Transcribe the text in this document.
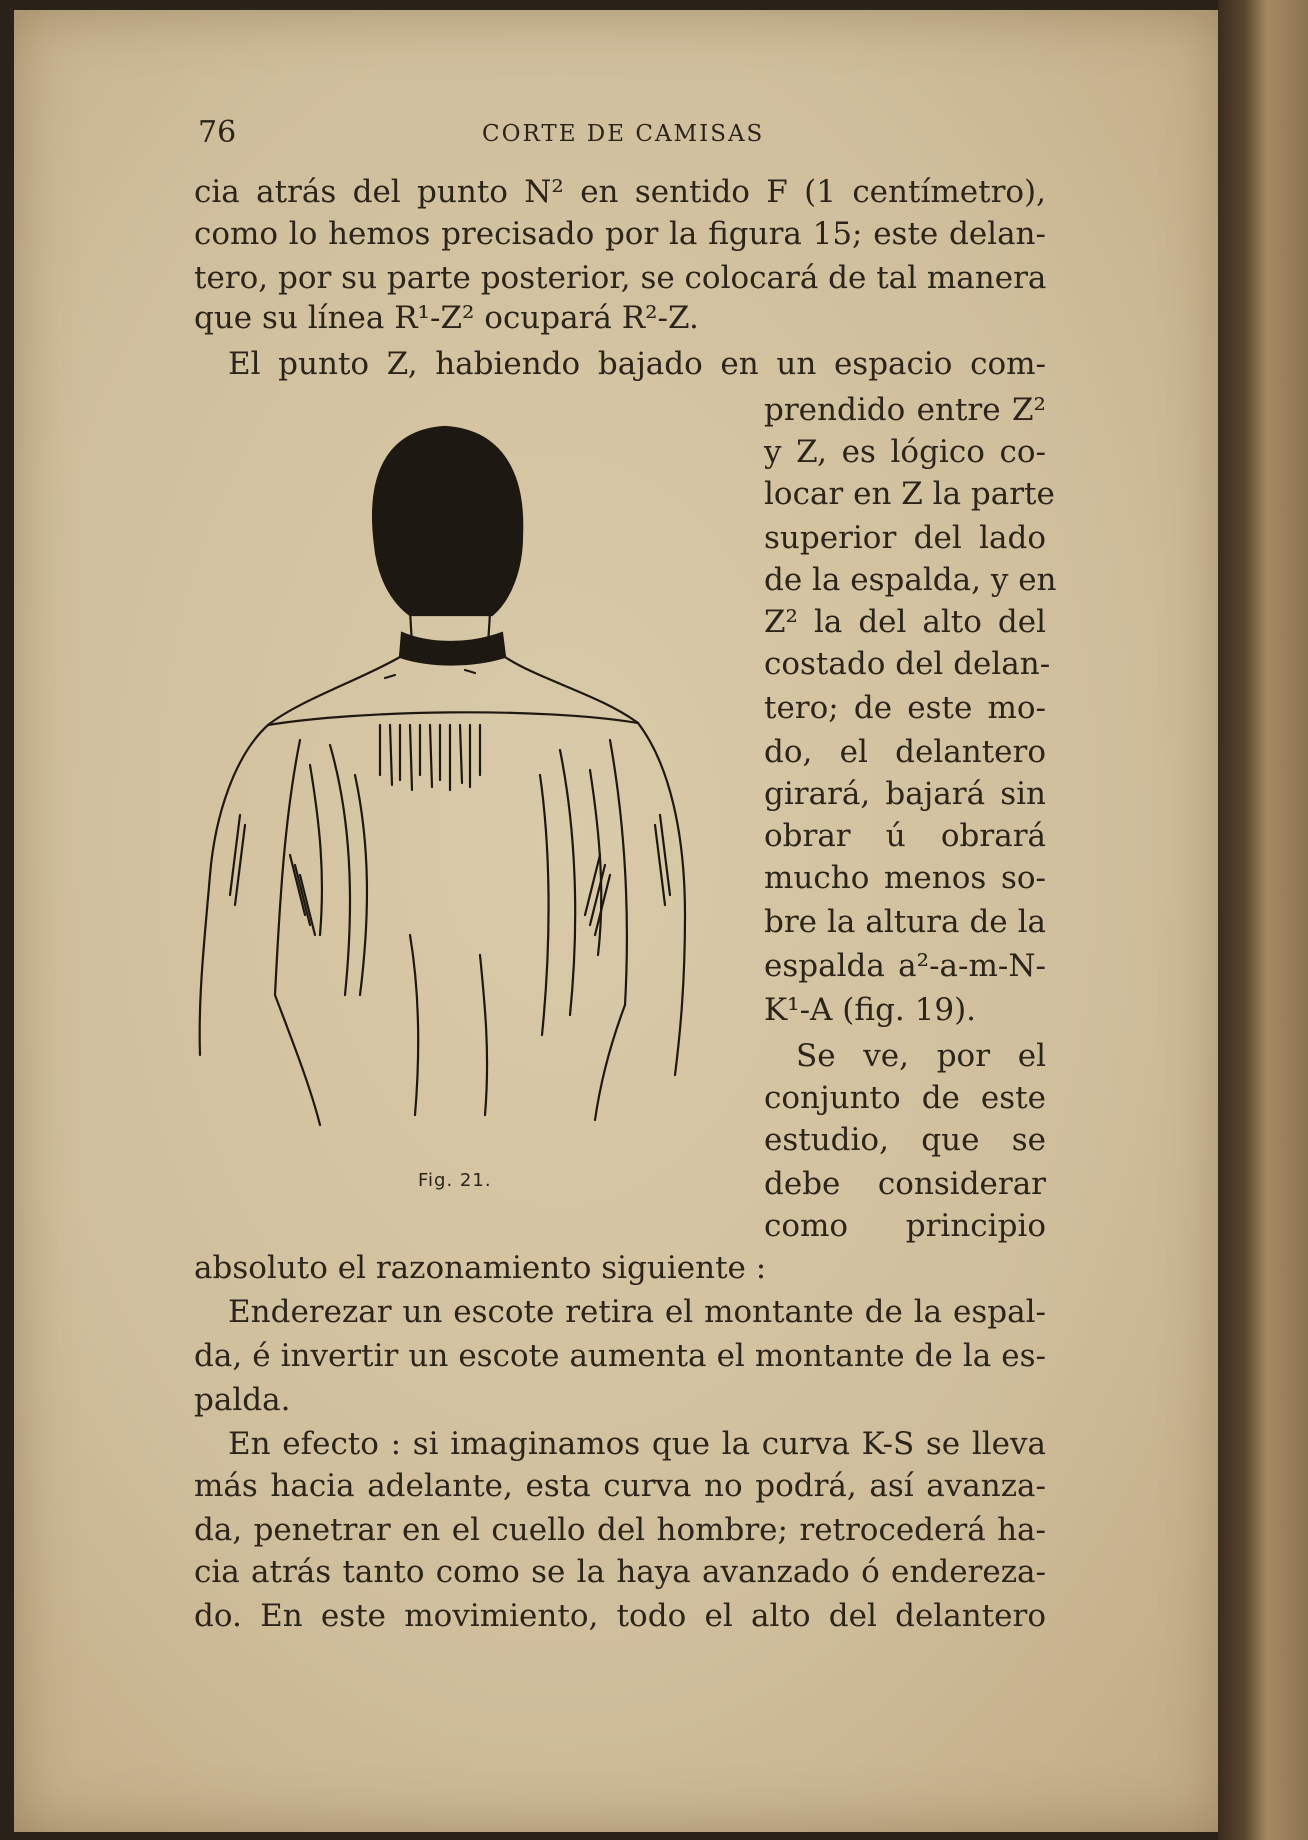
76	CORTE DE CAMISAS
cia atrás del punto N² en sentido F (1 centímetro),
como lo hemos precisado por la figura 15; este delan-
tero, por su parte posterior, se colocará de tal manera
que su línea R¹-Z² ocupará R²-Z.
El punto Z, habiendo bajado en un espacio com-
prendido entre Z²
y Z, es lógico co-
locar en Z la parte
superior del lado
de la espalda, y en
Z² la del alto del
costado del delan-
tero; de este mo-
do, el delantero
girará, bajará sin
obrar ú obrará
mucho menos so-
bre la altura de la
espalda a²-a-m-N-
K¹-A (fig. 19).
Se ve, por el
conjunto de este
estudio, que se
debe considerar
como principio
absoluto el razonamiento siguiente :
Enderezar un escote retira el montante de la espal-
da, é invertir un escote aumenta el montante de la es-
palda.
En efecto : si imaginamos que la curva K-S se lleva
más hacia adelante, esta curva no podrá, así avanza-
da, penetrar en el cuello del hombre; retrocederá ha-
cia atrás tanto como se la haya avanzado ó endereza-
do. En este movimiento, todo el alto del delantero
Fig. 21.
